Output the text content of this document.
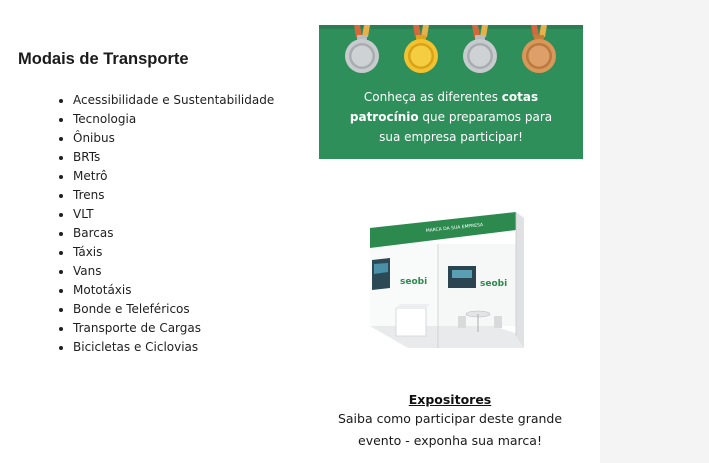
Modais de Transporte
• Acessibilidade e Sustentabilidade
• Tecnologia
• Ônibus
• BRTs
• Metrô
• Trens
• VLT
• Barcas
• Táxis
• Vans
• Mototáxis
• Bonde e Teleféricos
• Transporte de Cargas
• Bicicletas e Ciclovias
Conheça as diferentes cotas
patrocínio que preparamos para
sua empresa participar!
MARCA DA SUA EMPRESA
seobi	seobi
Expositores
Saiba como participar deste grande
evento - exponha sua marca!
